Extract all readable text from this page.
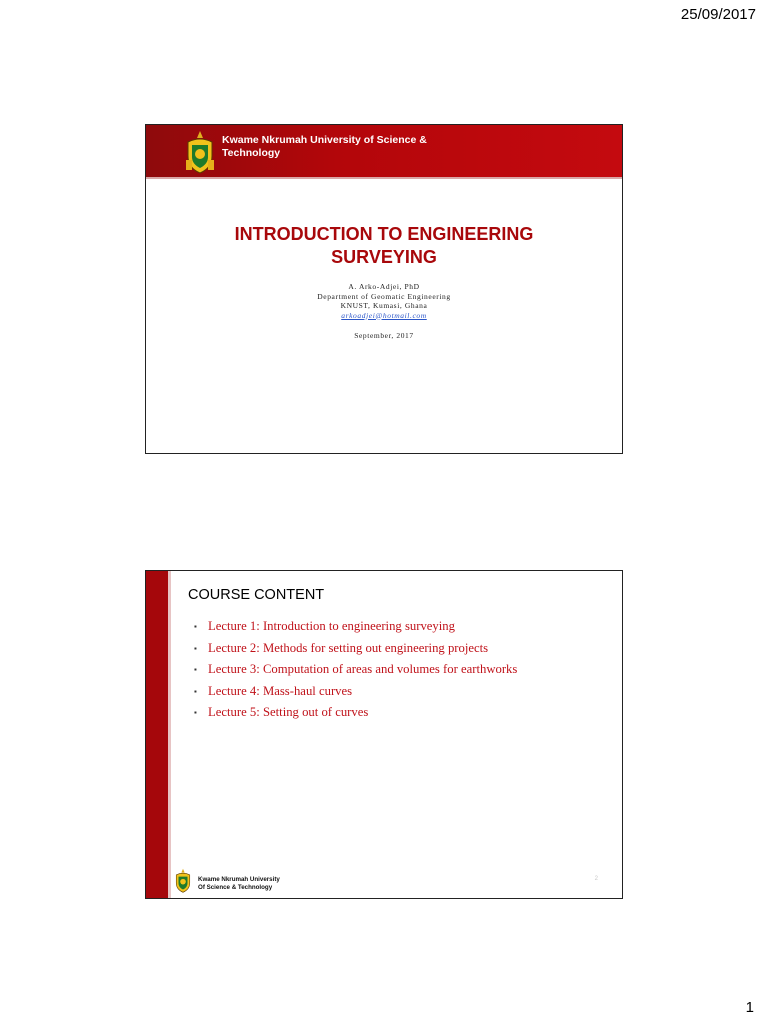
25/09/2017
Kwame Nkrumah University of Science & Technology
INTRODUCTION TO ENGINEERING
SURVEYING
A. Arko-Adjei, PhD
Department of Geomatic Engineering
KNUST, Kumasi, Ghana
arkoadjei@hotmail.com
September, 2017
COURSE CONTENT
▪ Lecture 1: Introduction to engineering surveying
▪ Lecture 2: Methods for setting out engineering projects
▪ Lecture 3: Computation of areas and volumes for earthworks
▪ Lecture 4: Mass-haul curves
▪ Lecture 5: Setting out of curves
Kwame Nkrumah University
Of Science & Technology
2
1
